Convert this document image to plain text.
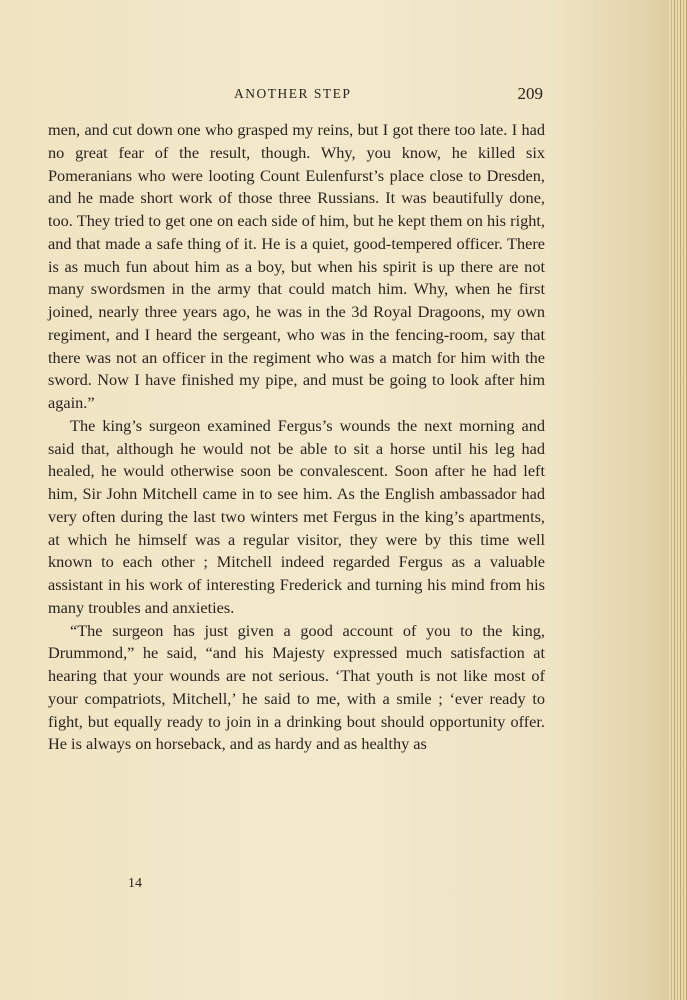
ANOTHER STEP	209

men, and cut down one who grasped my reins, but I got there too late. I had no great fear of the result, though. Why, you know, he killed six Pomeranians who were looting Count Eulenfurst’s place close to Dresden, and he made short work of those three Russians. It was beautifully done, too. They tried to get one on each side of him, but he kept them on his right, and that made a safe thing of it. He is a quiet, good-tempered officer. There is as much fun about him as a boy, but when his spirit is up there are not many swordsmen in the army that could match him. Why, when he first joined, nearly three years ago, he was in the 3d Royal Dragoons, my own regiment, and I heard the sergeant, who was in the fencing-room, say that there was not an officer in the regiment who was a match for him with the sword. Now I have finished my pipe, and must be going to look after him again.”

The king’s surgeon examined Fergus’s wounds the next morning and said that, although he would not be able to sit a horse until his leg had healed, he would otherwise soon be convalescent. Soon after he had left him, Sir John Mitchell came in to see him. As the English ambassador had very often during the last two winters met Fergus in the king’s apartments, at which he himself was a regular visitor, they were by this time well known to each other ; Mitchell indeed regarded Fergus as a valuable assistant in his work of interesting Frederick and turning his mind from his many troubles and anxieties.

“The surgeon has just given a good account of you to the king, Drummond,” he said, “and his Majesty expressed much satisfaction at hearing that your wounds are not serious. ‘That youth is not like most of your compatriots, Mitchell,’ he said to me, with a smile ; ‘ever ready to fight, but equally ready to join in a drinking bout should opportunity offer. He is always on horseback, and as hardy and as healthy as

14
